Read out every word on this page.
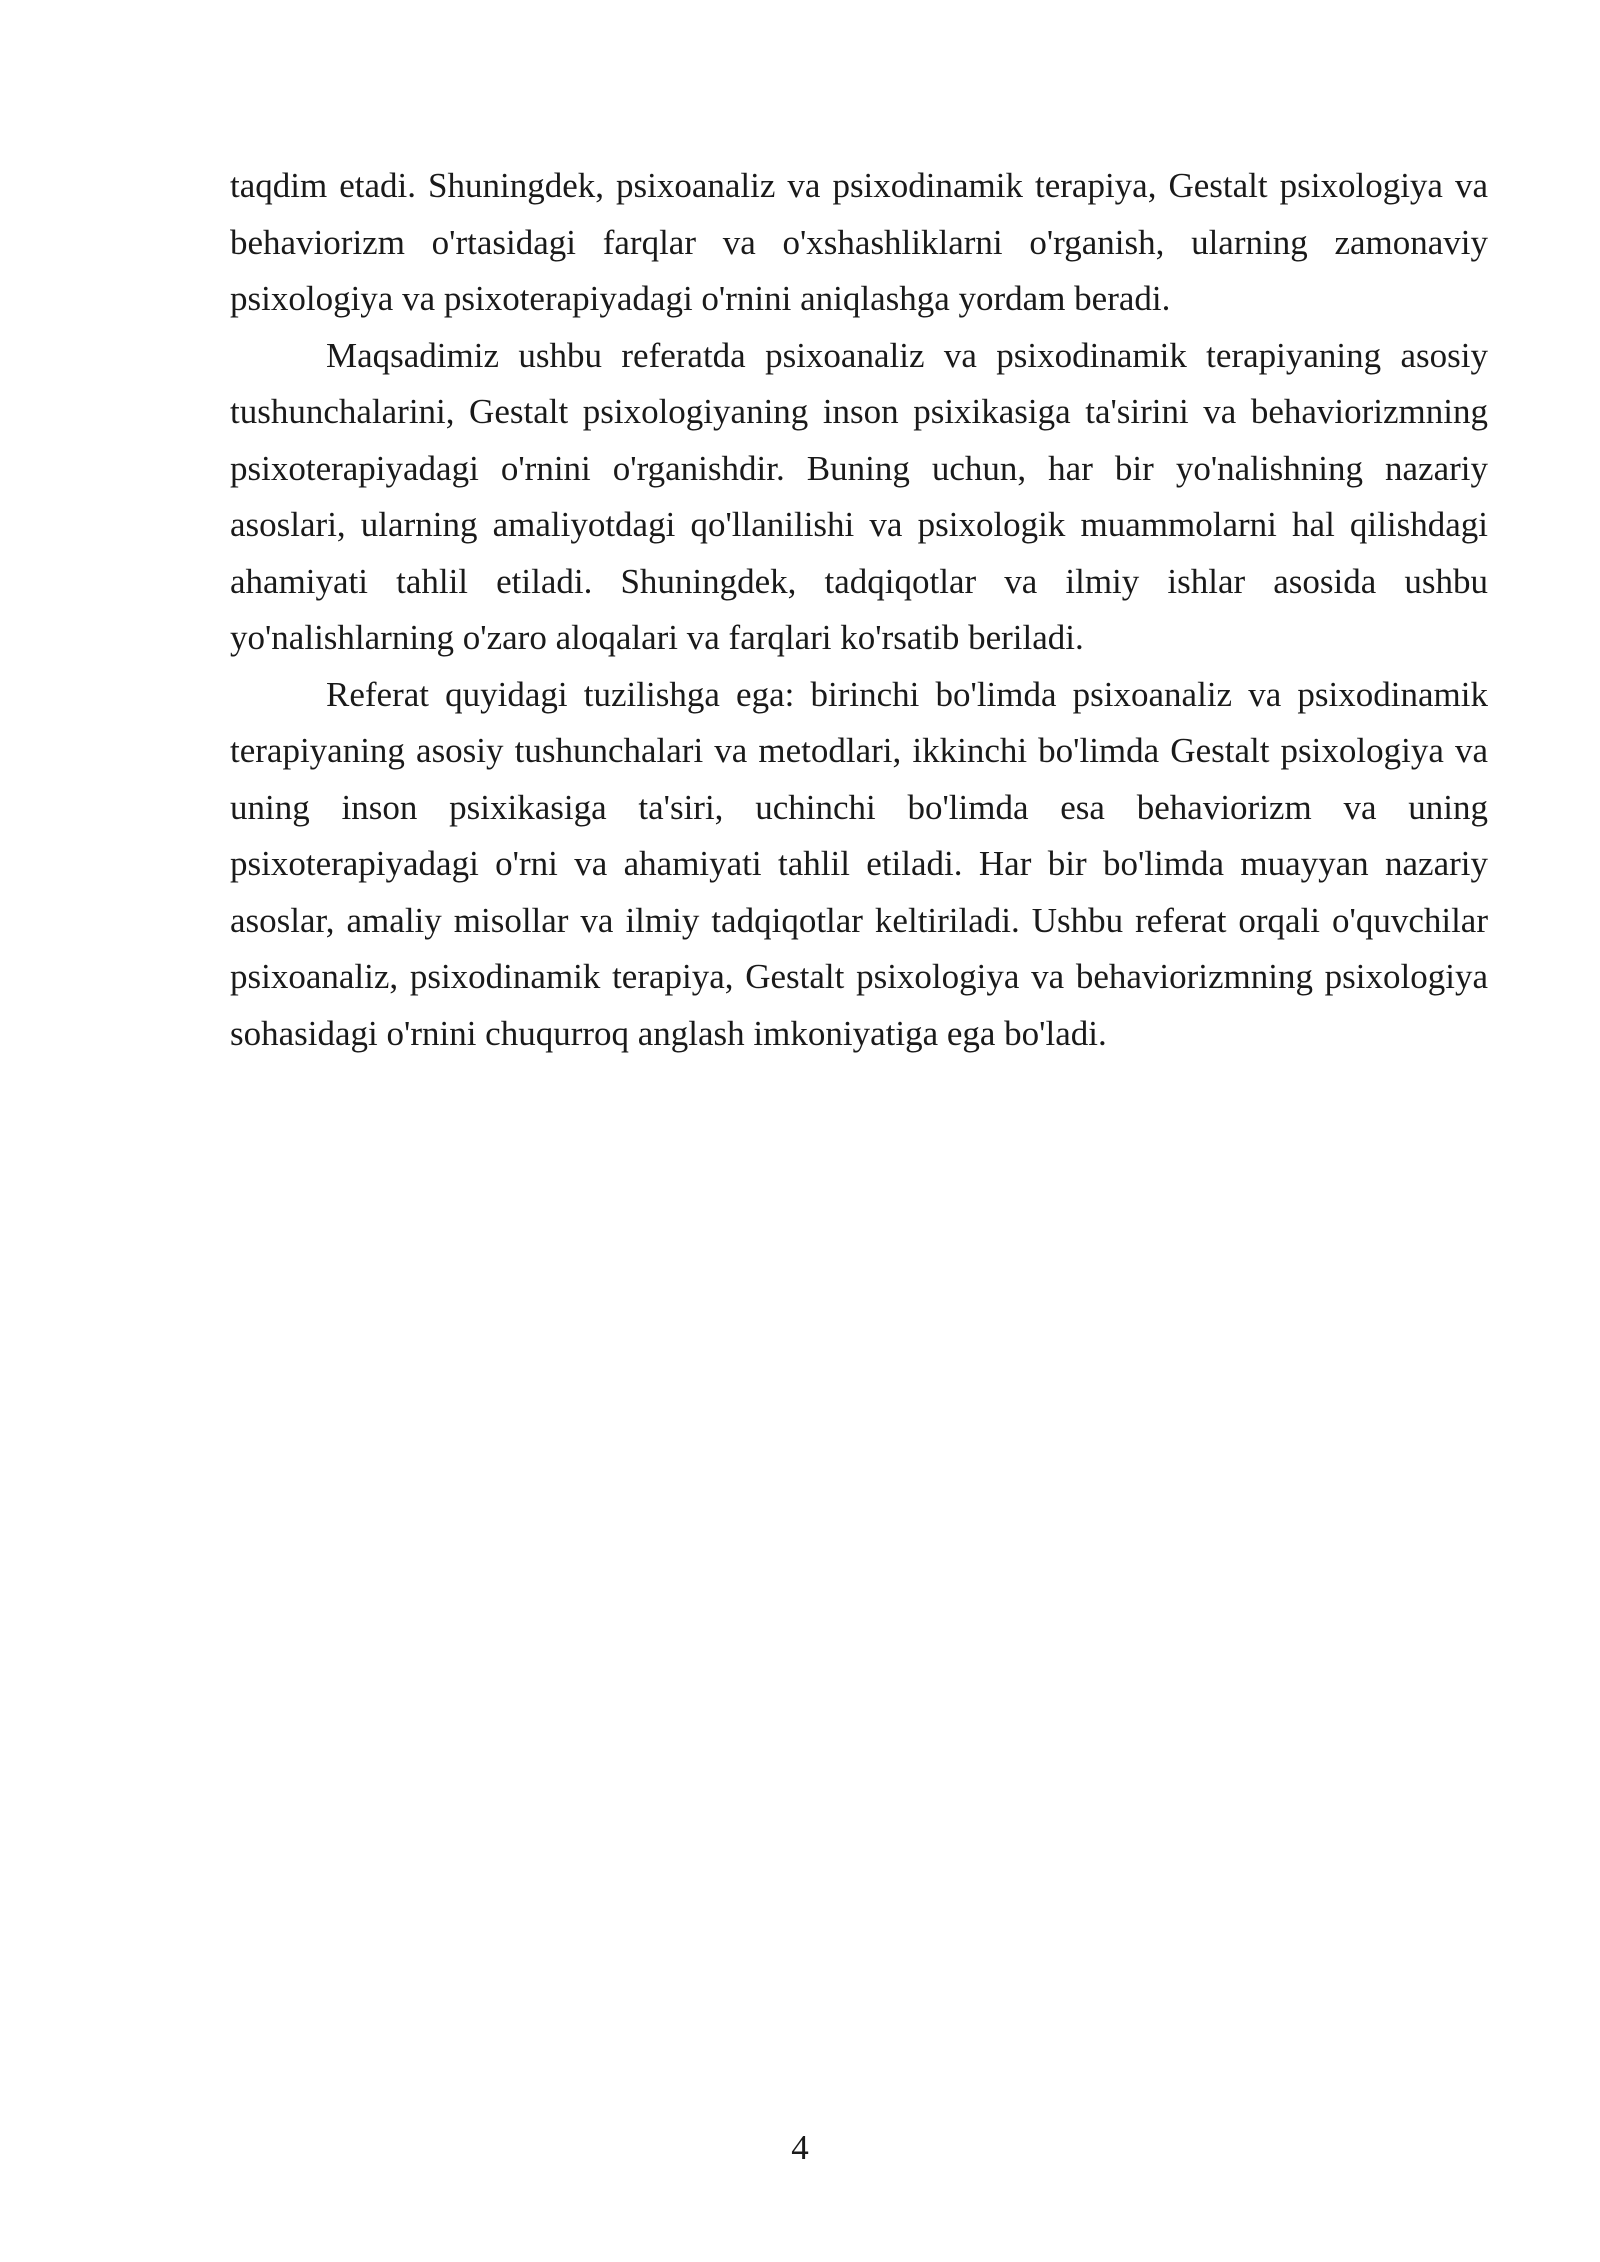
taqdim etadi. Shuningdek, psixoanaliz va psixodinamik terapiya, Gestalt psixologiya va behaviorizm o'rtasidagi farqlar va o'xshashliklarni o'rganish, ularning zamonaviy psixologiya va psixoterapiyadagi o'rnini aniqlashga yordam beradi.

Maqsadimiz ushbu referatda psixoanaliz va psixodinamik terapiyaning asosiy tushunchalarini, Gestalt psixologiyaning inson psixikasiga ta'sirini va behaviorizmning psixoterapiyadagi o'rnini o'rganishdir. Buning uchun, har bir yo'nalishning nazariy asoslari, ularning amaliyotdagi qo'llanilishi va psixologik muammolarni hal qilishdagi ahamiyati tahlil etiladi. Shuningdek, tadqiqotlar va ilmiy ishlar asosida ushbu yo'nalishlarning o'zaro aloqalari va farqlari ko'rsatib beriladi.

Referat quyidagi tuzilishga ega: birinchi bo'limda psixoanaliz va psixodinamik terapiyaning asosiy tushunchalari va metodlari, ikkinchi bo'limda Gestalt psixologiya va uning inson psixikasiga ta'siri, uchinchi bo'limda esa behaviorizm va uning psixoterapiyadagi o'rni va ahamiyati tahlil etiladi. Har bir bo'limda muayyan nazariy asoslar, amaliy misollar va ilmiy tadqiqotlar keltiriladi. Ushbu referat orqali o'quvchilar psixoanaliz, psixodinamik terapiya, Gestalt psixologiya va behaviorizmning psixologiya sohasidagi o'rnini chuqurroq anglash imkoniyatiga ega bo'ladi.

4
